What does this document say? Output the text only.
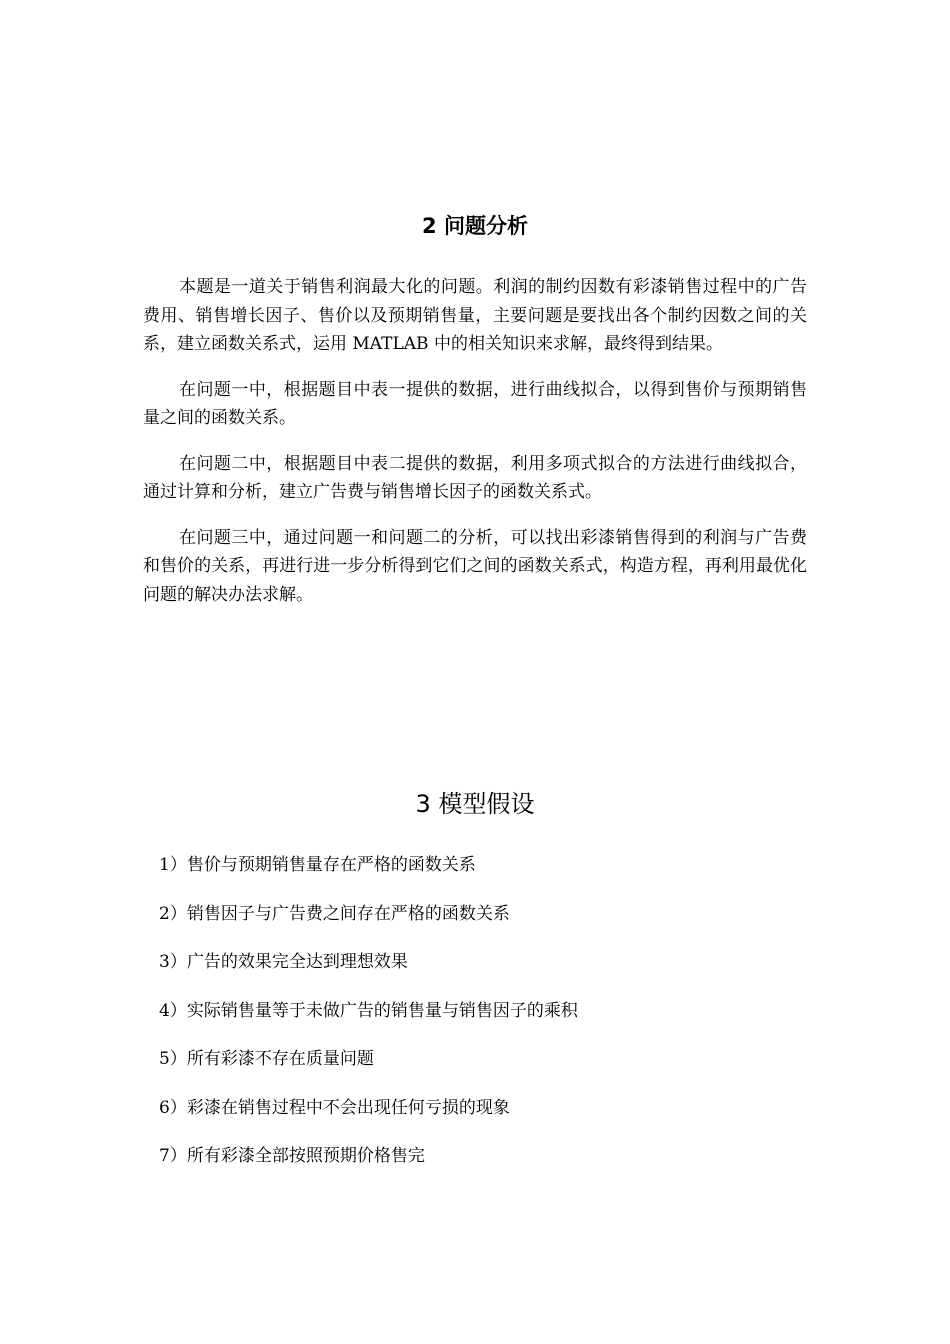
2 问题分析

本题是一道关于销售利润最大化的问题。利润的制约因数有彩漆销售过程中的广告费用、销售增长因子、售价以及预期销售量，主要问题是要找出各个制约因数之间的关系，建立函数关系式，运用 MATLAB 中的相关知识来求解，最终得到结果。

在问题一中，根据题目中表一提供的数据，进行曲线拟合，以得到售价与预期销售量之间的函数关系。

在问题二中，根据题目中表二提供的数据，利用多项式拟合的方法进行曲线拟合，通过计算和分析，建立广告费与销售增长因子的函数关系式。

在问题三中，通过问题一和问题二的分析，可以找出彩漆销售得到的利润与广告费和售价的关系，再进行进一步分析得到它们之间的函数关系式，构造方程，再利用最优化问题的解决办法求解。

3 模型假设
1）售价与预期销售量存在严格的函数关系
2）销售因子与广告费之间存在严格的函数关系
3）广告的效果完全达到理想效果
4）实际销售量等于未做广告的销售量与销售因子的乘积
5）所有彩漆不存在质量问题
6）彩漆在销售过程中不会出现任何亏损的现象
7）所有彩漆全部按照预期价格售完
